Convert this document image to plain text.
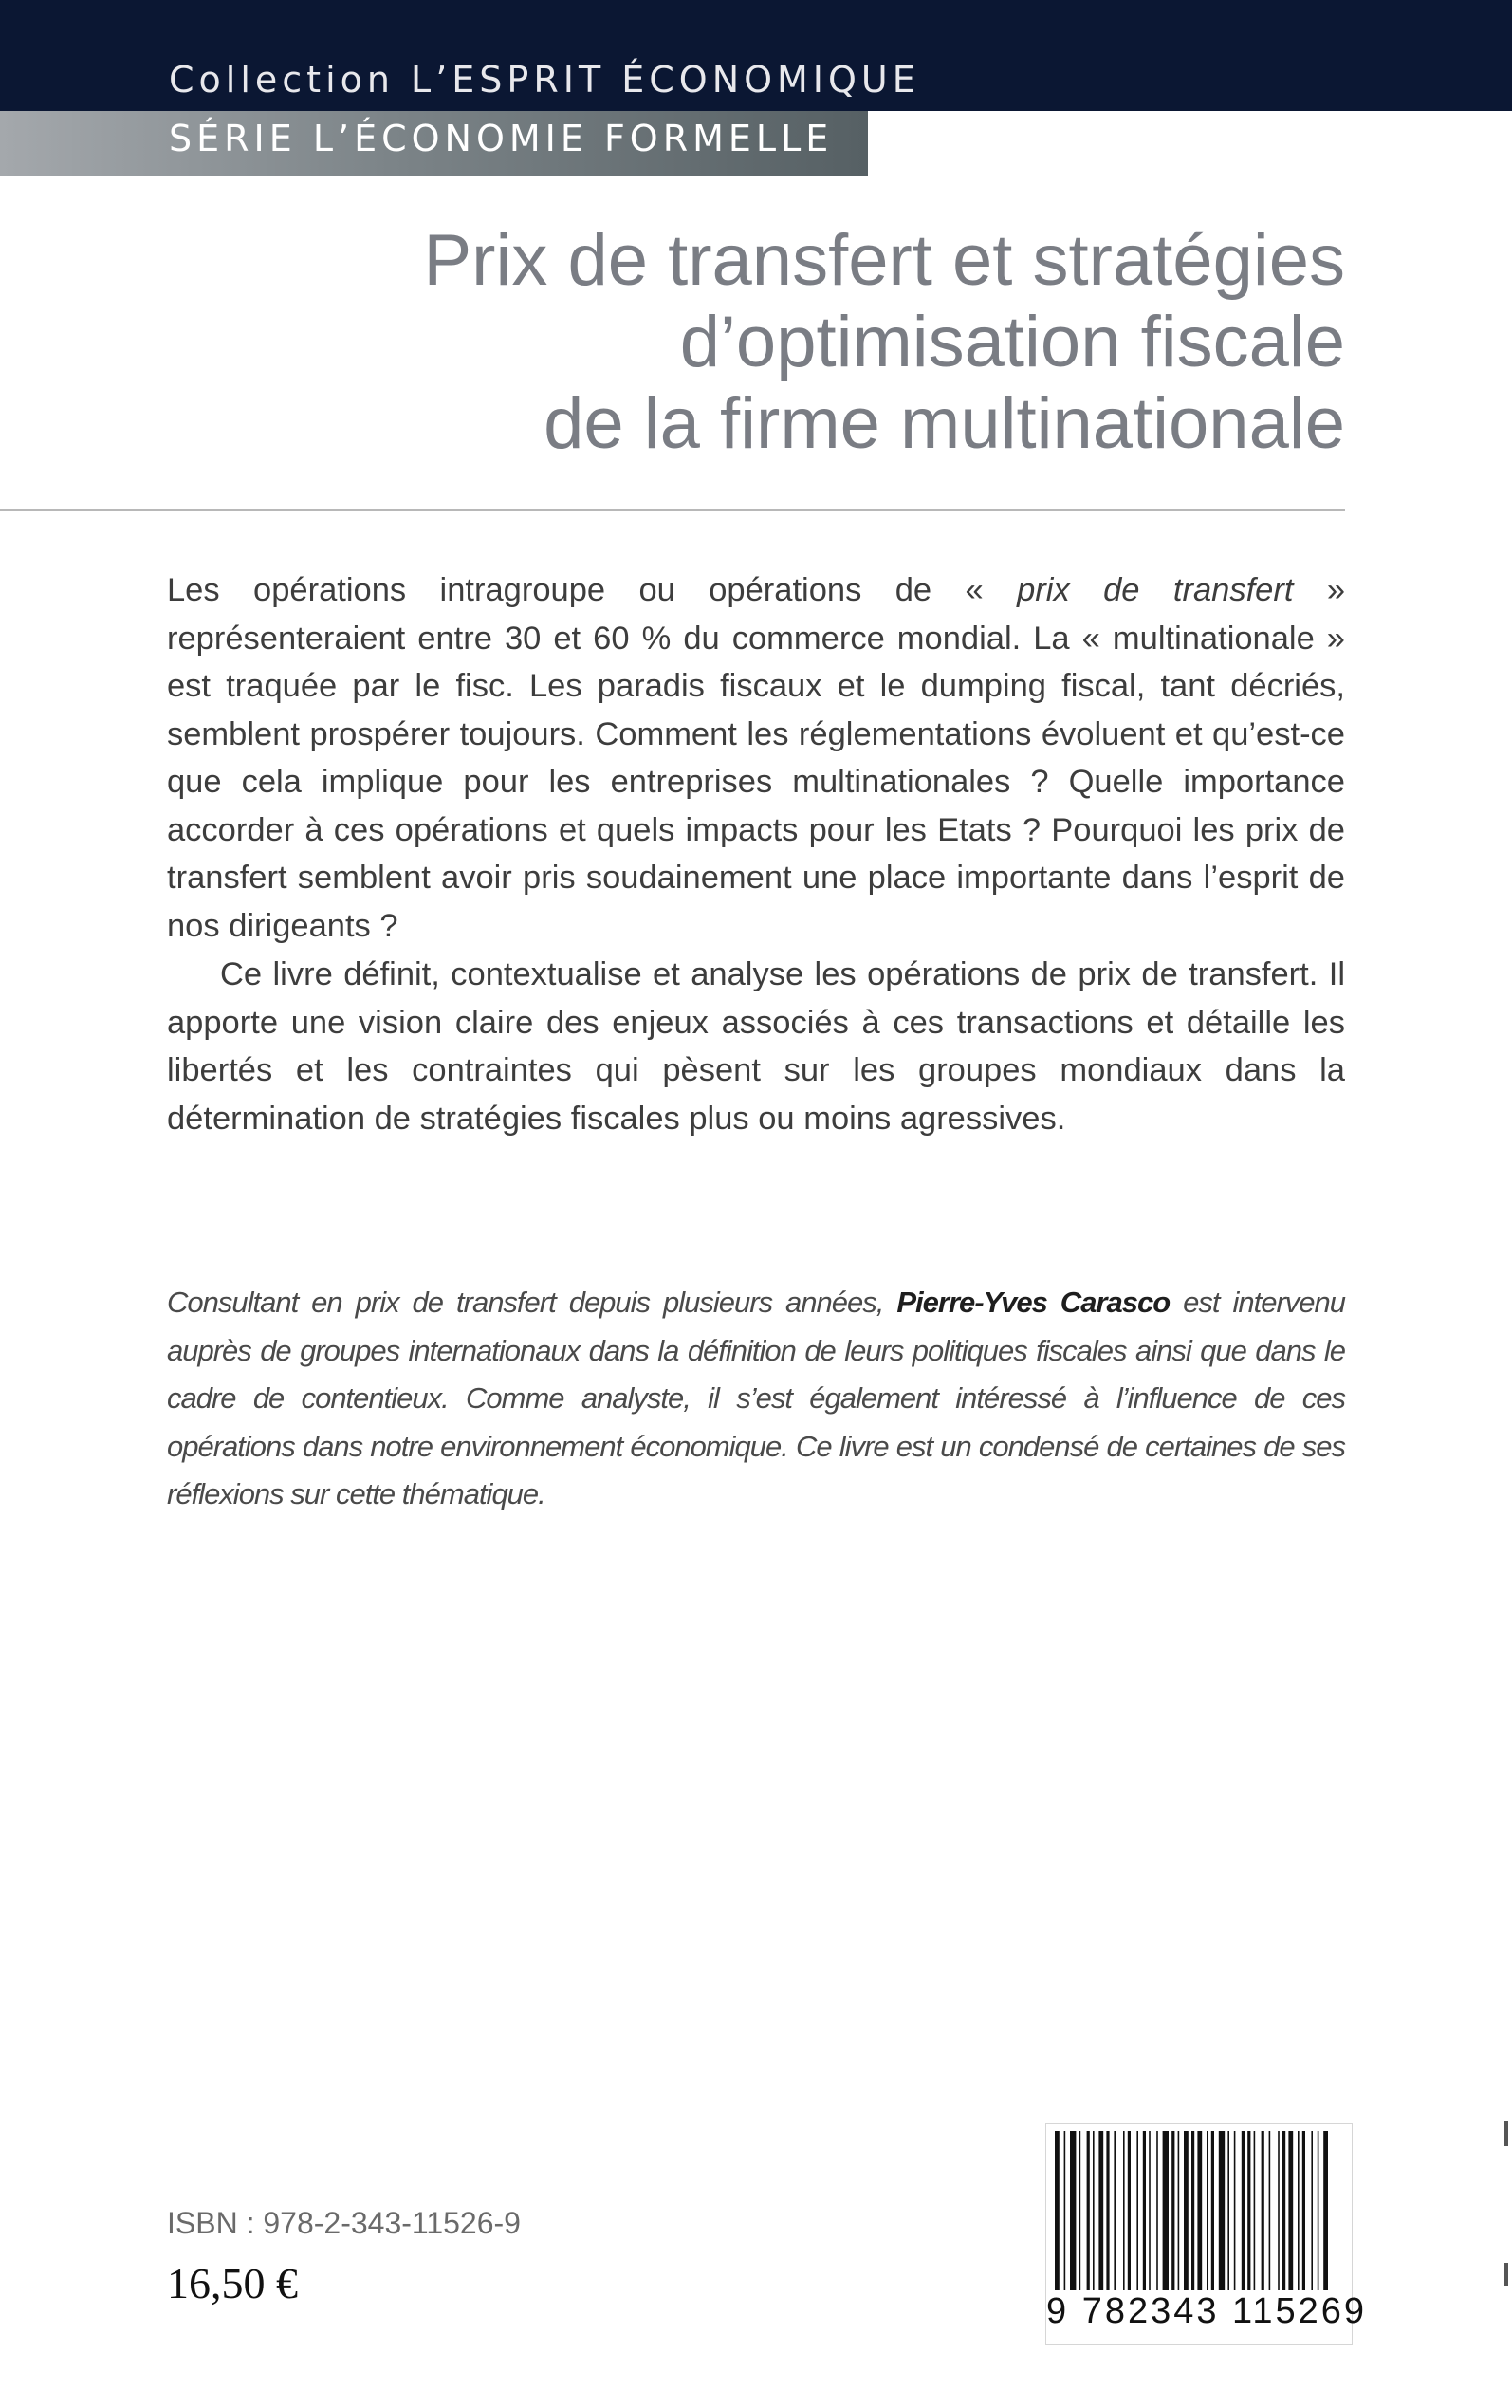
Collection L’ESPRIT ÉCONOMIQUE
SÉRIE L’ÉCONOMIE FORMELLE
Prix de transfert et stratégies
d’optimisation fiscale
de la firme multinationale
Les opérations intragroupe ou opérations de « prix de transfert » représenteraient entre 30 et 60 % du commerce mondial. La « multinationale » est traquée par le fisc. Les paradis fiscaux et le dumping fiscal, tant décriés, semblent prospérer toujours. Comment les réglementations évoluent et qu’est-ce que cela implique pour les entreprises multinationales ? Quelle importance accorder à ces opérations et quels impacts pour les Etats ? Pourquoi les prix de transfert semblent avoir pris soudainement une place importante dans l’esprit de nos dirigeants ?
Ce livre définit, contextualise et analyse les opérations de prix de transfert. Il apporte une vision claire des enjeux associés à ces transactions et détaille les libertés et les contraintes qui pèsent sur les groupes mondiaux dans la détermination de stratégies fiscales plus ou moins agressives.
Consultant en prix de transfert depuis plusieurs années, Pierre-Yves Carasco est intervenu auprès de groupes internationaux dans la définition de leurs politiques fiscales ainsi que dans le cadre de contentieux. Comme analyste, il s’est également intéressé à l’influence de ces opérations dans notre environnement économique. Ce livre est un condensé de certaines de ses réflexions sur cette thématique.
ISBN : 978-2-343-11526-9
16,50 €
9 782343 115269
